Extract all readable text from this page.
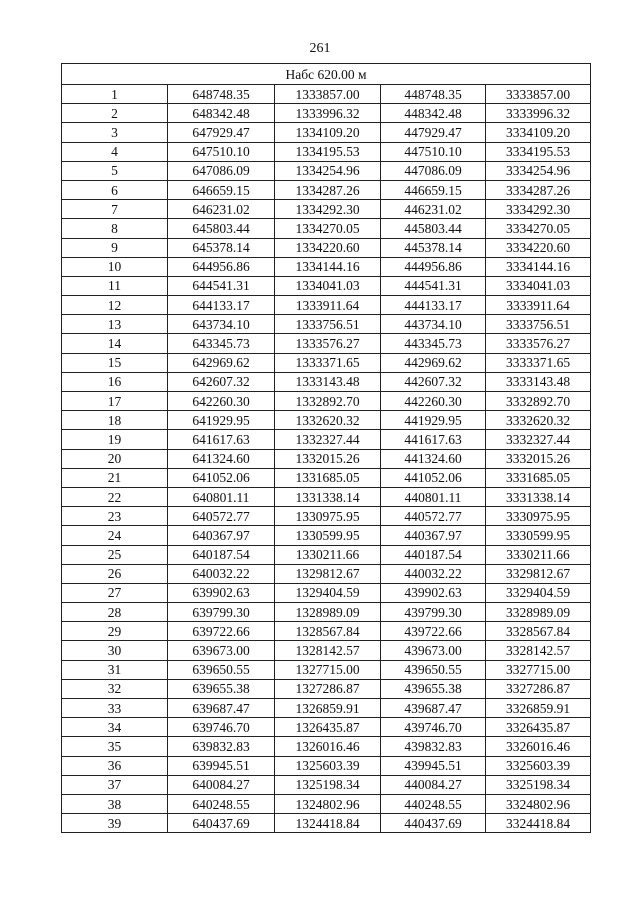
261
Набс 620.00 м				
1	648748.35	1333857.00	448748.35	3333857.00
2	648342.48	1333996.32	448342.48	3333996.32
3	647929.47	1334109.20	447929.47	3334109.20
4	647510.10	1334195.53	447510.10	3334195.53
5	647086.09	1334254.96	447086.09	3334254.96
6	646659.15	1334287.26	446659.15	3334287.26
7	646231.02	1334292.30	446231.02	3334292.30
8	645803.44	1334270.05	445803.44	3334270.05
9	645378.14	1334220.60	445378.14	3334220.60
10	644956.86	1334144.16	444956.86	3334144.16
11	644541.31	1334041.03	444541.31	3334041.03
12	644133.17	1333911.64	444133.17	3333911.64
13	643734.10	1333756.51	443734.10	3333756.51
14	643345.73	1333576.27	443345.73	3333576.27
15	642969.62	1333371.65	442969.62	3333371.65
16	642607.32	1333143.48	442607.32	3333143.48
17	642260.30	1332892.70	442260.30	3332892.70
18	641929.95	1332620.32	441929.95	3332620.32
19	641617.63	1332327.44	441617.63	3332327.44
20	641324.60	1332015.26	441324.60	3332015.26
21	641052.06	1331685.05	441052.06	3331685.05
22	640801.11	1331338.14	440801.11	3331338.14
23	640572.77	1330975.95	440572.77	3330975.95
24	640367.97	1330599.95	440367.97	3330599.95
25	640187.54	1330211.66	440187.54	3330211.66
26	640032.22	1329812.67	440032.22	3329812.67
27	639902.63	1329404.59	439902.63	3329404.59
28	639799.30	1328989.09	439799.30	3328989.09
29	639722.66	1328567.84	439722.66	3328567.84
30	639673.00	1328142.57	439673.00	3328142.57
31	639650.55	1327715.00	439650.55	3327715.00
32	639655.38	1327286.87	439655.38	3327286.87
33	639687.47	1326859.91	439687.47	3326859.91
34	639746.70	1326435.87	439746.70	3326435.87
35	639832.83	1326016.46	439832.83	3326016.46
36	639945.51	1325603.39	439945.51	3325603.39
37	640084.27	1325198.34	440084.27	3325198.34
38	640248.55	1324802.96	440248.55	3324802.96
39	640437.69	1324418.84	440437.69	3324418.84
